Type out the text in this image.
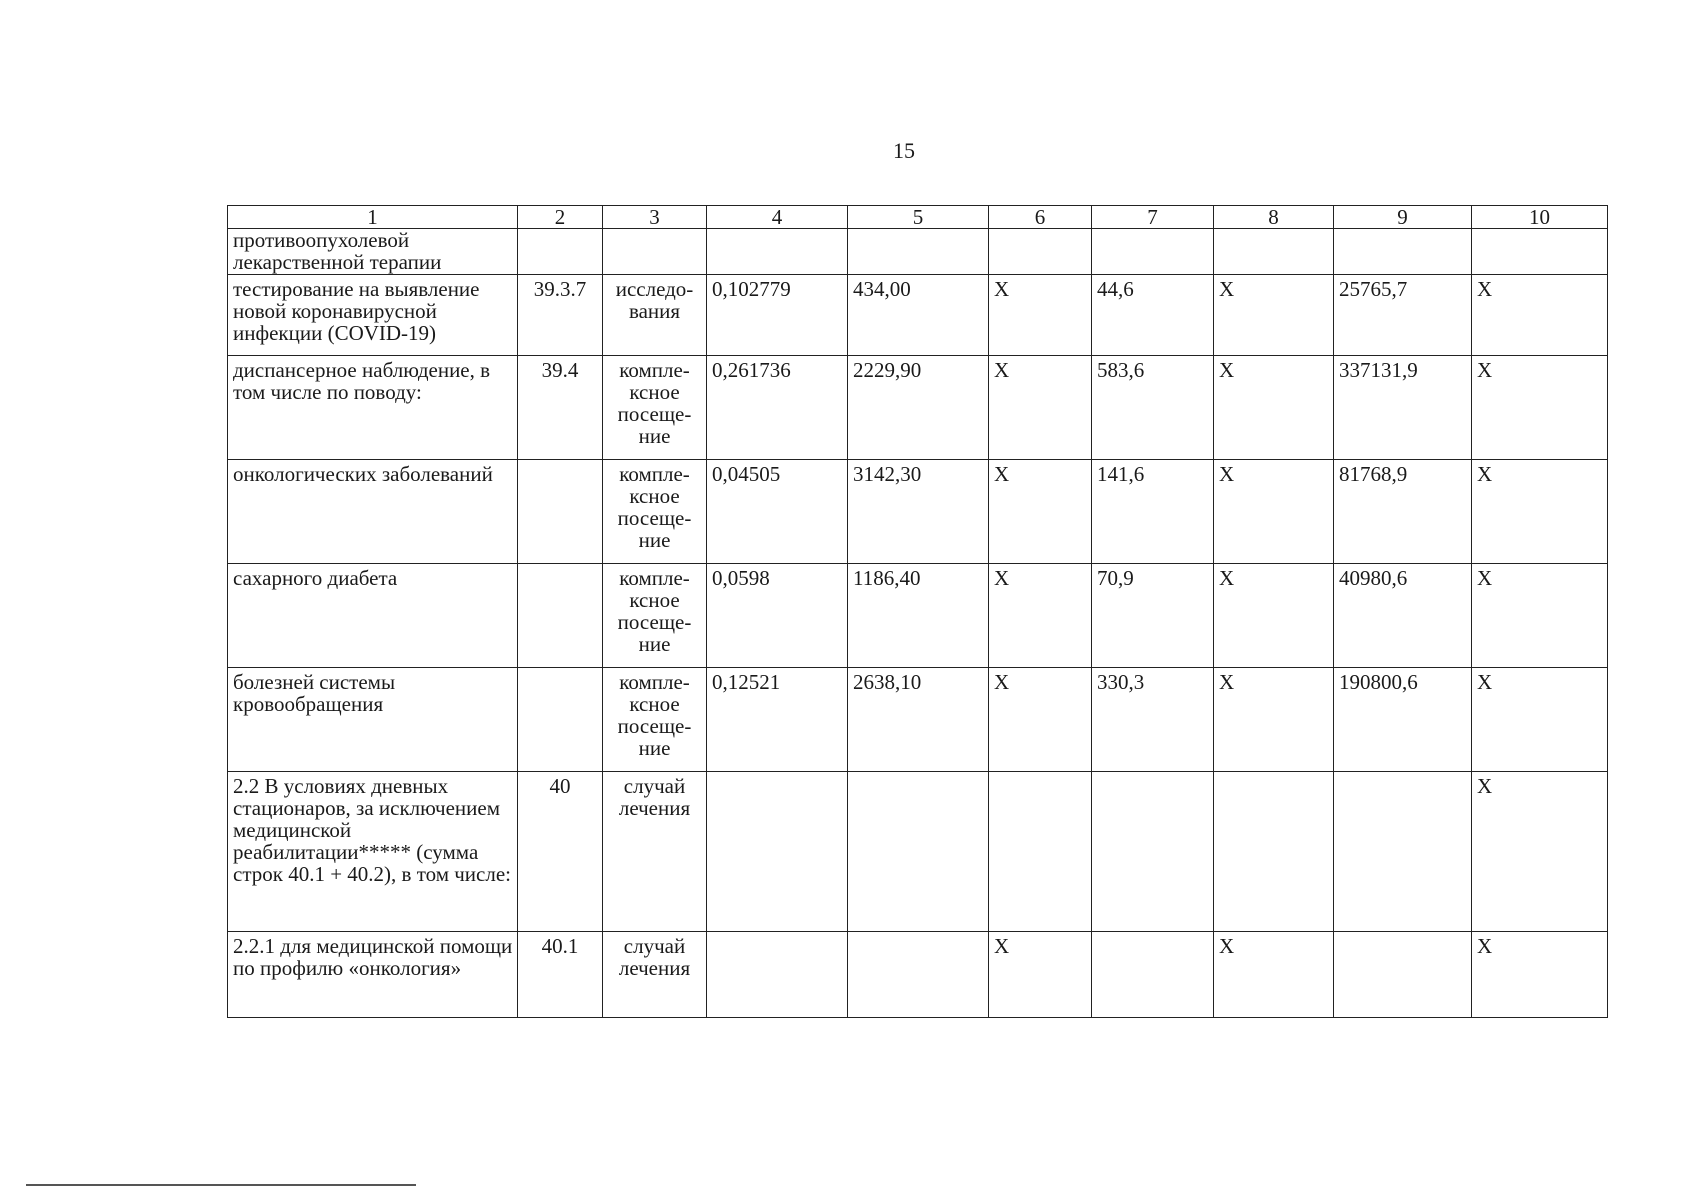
15
1	2	3	4	5	6	7	8	9	10
противоопухолевой лекарственной терапии									
тестирование на выявление новой коронавирусной инфекции (COVID-19)	39.3.7	исследо-вания	0,102779	434,00	X	44,6	X	25765,7	X
диспансерное наблюдение, в том числе по поводу:	39.4	компле-ксное посеще-ние	0,261736	2229,90	X	583,6	X	337131,9	X
онкологических заболеваний		компле-ксное посеще-ние	0,04505	3142,30	X	141,6	X	81768,9	X
сахарного диабета		компле-ксное посеще-ние	0,0598	1186,40	X	70,9	X	40980,6	X
болезней системы кровообращения		компле-ксное посеще-ние	0,12521	2638,10	X	330,3	X	190800,6	X
2.2 В условиях дневных стационаров, за исключением медицинской реабилитации***** (сумма строк 40.1 + 40.2), в том числе:	40	случай лечения							X
2.2.1 для медицинской помощи по профилю «онкология»	40.1	случай лечения			X		X		X
